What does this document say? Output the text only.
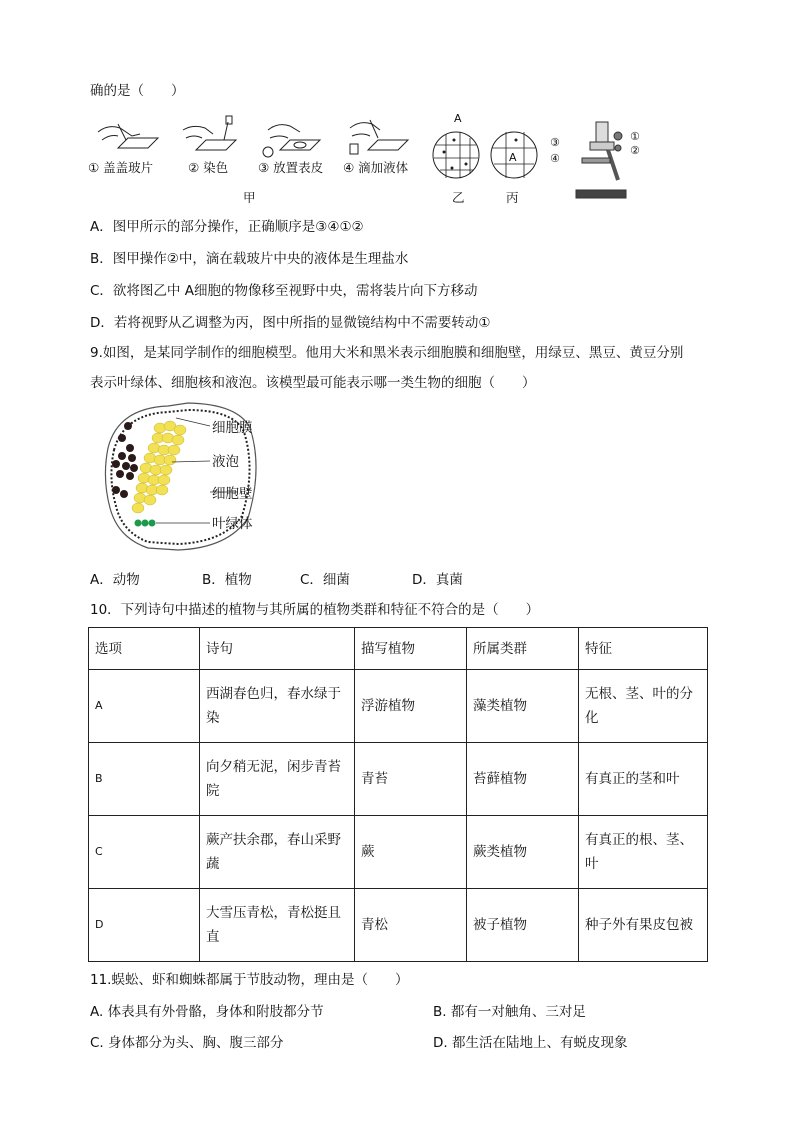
确的是（　　）
① 盖盖玻片	② 染色 ③ 放置表皮 ④ 滴加液体
甲
A
乙
A
丙
③
④
①
②
A．图甲所示的部分操作，正确顺序是③④①②
B．图甲操作②中，滴在载玻片中央的液体是生理盐水
C．欲将图乙中 A细胞的物像移至视野中央，需将装片向下方移动
D．若将视野从乙调整为丙，图中所指的显微镜结构中不需要转动①
9.如图，是某同学制作的细胞模型。他用大米和黑米表示细胞膜和细胞壁，用绿豆、黑豆、黄豆分别
表示叶绿体、细胞核和液泡。该模型最可能表示哪一类生物的细胞（　　）
细胞膜
液泡
细胞壁
叶绿体
A．动物	B．植物	C．细菌	D．真菌
10．下列诗句中描述的植物与其所属的植物类群和特征不符合的是（　　）
选项	诗句	描写植物	所属类群	特征
A	西湖春色归，春水绿于染	浮游植物	藻类植物	无根、茎、叶的分化
B	向夕稍无泥，闲步青苔院	青苔	苔藓植物	有真正的茎和叶
C	蕨产扶余郡，春山采野蔬	蕨	蕨类植物	有真正的根、茎、叶
D	大雪压青松，青松挺且直	青松	被子植物	种子外有果皮包被
11.蜈蚣、虾和蜘蛛都属于节肢动物，理由是（　　）
A. 体表具有外骨骼，身体和附肢都分节	B. 都有一对触角、三对足
C. 身体都分为头、胸、腹三部分	D. 都生活在陆地上、有蜕皮现象
